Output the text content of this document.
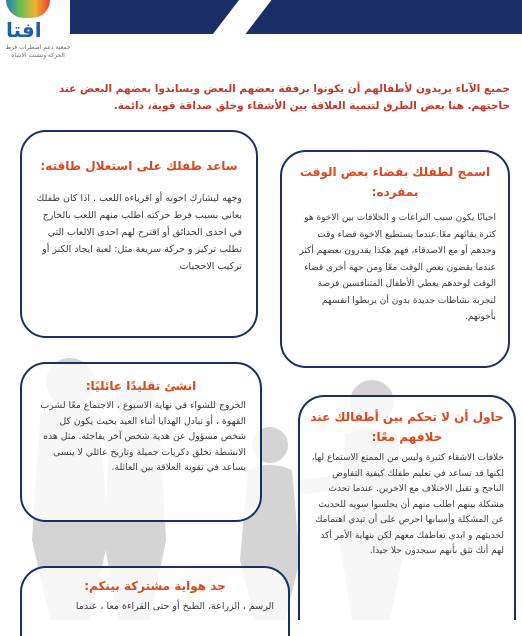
افتا
جمعية دعم اضطراب فرط الحركة وتشتت الانتباه

جميع الآباء يريدون لأطفالهم أن يكونوا برفقة بعضهم البعض ويساندوا بعضهم البعض عند حاجتهم. هنا بعض الطرق لتنمية العلاقة بين الأشقاء وخلق صداقة قوية، دائمة.

اسمح لطفلك بقضاء بعض الوقت بمفرده:

احيانًا يكون سبب النزاعات و الخلافات بين الاخوة هو كثرة بقائهم معًا.عندما يستطيع الاخوة قضاء وقت وحدهم أو مع الاصدقاء، فهم هكذا يقدرون بعضهم أكثر عندما يقضون بعض الوقت معًا ومن جهة أخرى قضاء الوقت لوحدهم يعطي الأطفال المتنافسين فرصة لتجربة نشاطات جديدة بدون أن يربطوا انفسهم بأخوتهم.

ساعد طفلك على استغلال طاقته:

وجهه ليشارك اخوته أو اقرباءه اللعب . اذا كان طفلك يعاني بسبب فرط حركته اطلب منهم اللعب بالخارج في احدى الحدائق أو اقترح لهم احدى الالعاب التي تطلب تركيز و حركة سريعة مثل: لعبة ايجاد الكنز أو تركيب الاحجيات

انشئ تقليدًا عائليًا:

الخروج للشواء في نهاية الاسبوع ، الاجتماع معًا لشرب القهوة ، أو تبادل الهدايا أثناء العيد بحيث يكون كل شخص مسؤول عن هدية شخص آخر يفاجئه. مثل هذه الانشطة تخلق ذكريات جميلة وتاريخ عائلي لا ينسى يساعد في تقوية العلاقة بين العائلة.

حاول أن لا تحكم بين أطفالك عند خلافهم معًا:

خلافات الاشقاء كثيرة وليس من الممتع الاستماع لها، لكنها قد تساعد في تعليم طفلك كيفية التفاوض الناجح و تقبل الاختلاف مع الاخرين. عندما تحدث مشكلة بينهم اطلب منهم أن يجلسوا سويه للحديث عن المشكلة وأسبابها احرص على أن تبدي اهتمامك لحديثهم و ابدي تعاطفك معهم لكن بنهاية الأمر أكد لهم أنك تثق بأنهم سيجدون حلا جيدا.

جد هواية مشتركة بينكم:

الرسم ، الزراعة، الطبخ أو حتى القراءة معا ، عندما
